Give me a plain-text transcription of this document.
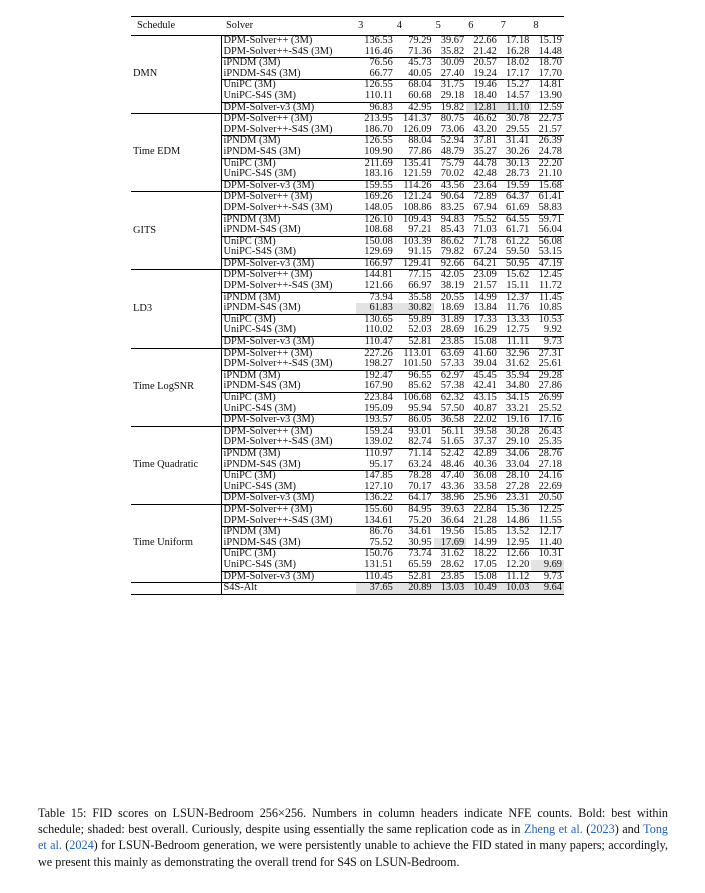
Schedule	Solver	3	4	5	6	7	8
DMN	DPM-Solver++ (3M)	136.53	79.29	39.67	22.66	17.18	15.19
	DPM-Solver++-S4S (3M)	116.46	71.36	35.82	21.42	16.28	14.48
	iPNDM (3M)	76.56	45.73	30.09	20.57	18.02	18.70
	iPNDM-S4S (3M)	66.77	40.05	27.40	19.24	17.17	17.70
	UniPC (3M)	126.55	68.04	31.75	19.46	15.27	14.81
	UniPC-S4S (3M)	110.11	60.68	29.18	18.40	14.57	13.90
	DPM-Solver-v3 (3M)	96.83	42.95	19.82	12.81	11.10	12.59
Time EDM	DPM-Solver++ (3M)	213.95	141.37	80.75	46.62	30.78	22.73
	DPM-Solver++-S4S (3M)	186.70	126.09	73.06	43.20	29.55	21.57
	iPNDM (3M)	126.55	88.04	52.94	37.81	31.41	26.39
	iPNDM-S4S (3M)	109.90	77.86	48.79	35.27	30.26	24.78
	UniPC (3M)	211.69	135.41	75.79	44.78	30.13	22.20
	UniPC-S4S (3M)	183.16	121.59	70.02	42.48	28.73	21.10
	DPM-Solver-v3 (3M)	159.55	114.26	43.56	23.64	19.59	15.68
GITS	DPM-Solver++ (3M)	169.26	121.24	90.64	72.89	64.37	61.41
	DPM-Solver++-S4S (3M)	148.05	108.86	83.25	67.94	61.69	58.83
	iPNDM (3M)	126.10	109.43	94.83	75.52	64.55	59.71
	iPNDM-S4S (3M)	108.68	97.21	85.43	71.03	61.71	56.04
	UniPC (3M)	150.08	103.39	86.62	71.78	61.22	56.08
	UniPC-S4S (3M)	129.69	91.15	79.82	67.24	59.50	53.15
	DPM-Solver-v3 (3M)	166.97	129.41	92.66	64.21	50.95	47.19
LD3	DPM-Solver++ (3M)	144.81	77.15	42.05	23.09	15.62	12.45
	DPM-Solver++-S4S (3M)	121.66	66.97	38.19	21.57	15.11	11.72
	iPNDM (3M)	73.94	35.58	20.55	14.99	12.37	11.45
	iPNDM-S4S (3M)	61.83	30.82	18.69	13.84	11.76	10.85
	UniPC (3M)	130.65	59.89	31.89	17.33	13.33	10.53
	UniPC-S4S (3M)	110.02	52.03	28.69	16.29	12.75	9.92
	DPM-Solver-v3 (3M)	110.47	52.81	23.85	15.08	11.11	9.73
Time LogSNR	DPM-Solver++ (3M)	227.26	113.01	63.69	41.60	32.96	27.31
	DPM-Solver++-S4S (3M)	198.27	101.50	57.33	39.04	31.62	25.61
	iPNDM (3M)	192.47	96.55	62.97	45.45	35.94	29.28
	iPNDM-S4S (3M)	167.90	85.62	57.38	42.41	34.80	27.86
	UniPC (3M)	223.84	106.68	62.32	43.15	34.15	26.99
	UniPC-S4S (3M)	195.09	95.94	57.50	40.87	33.21	25.52
	DPM-Solver-v3 (3M)	193.57	86.05	36.58	22.02	19.16	17.16
Time Quadratic	DPM-Solver++ (3M)	159.24	93.01	56.11	39.58	30.28	26.43
	DPM-Solver++-S4S (3M)	139.02	82.74	51.65	37.37	29.10	25.35
	iPNDM (3M)	110.97	71.14	52.42	42.89	34.06	28.76
	iPNDM-S4S (3M)	95.17	63.24	48.46	40.36	33.04	27.18
	UniPC (3M)	147.85	78.28	47.40	36.08	28.10	24.16
	UniPC-S4S (3M)	127.10	70.17	43.36	33.58	27.28	22.69
	DPM-Solver-v3 (3M)	136.22	64.17	38.96	25.96	23.31	20.50
Time Uniform	DPM-Solver++ (3M)	155.60	84.95	39.63	22.84	15.36	12.25
	DPM-Solver++-S4S (3M)	134.61	75.20	36.64	21.28	14.86	11.55
	iPNDM (3M)	86.76	34.61	19.56	15.85	13.52	12.17
	iPNDM-S4S (3M)	75.52	30.95	17.69	14.99	12.95	11.40
	UniPC (3M)	150.76	73.74	31.62	18.22	12.66	10.31
	UniPC-S4S (3M)	131.51	65.59	28.62	17.05	12.20	9.69
	DPM-Solver-v3 (3M)	110.45	52.81	23.85	15.08	11.12	9.73
	S4S-Alt	37.65	20.89	13.03	10.49	10.03	9.64
Table 15: FID scores on LSUN-Bedroom 256×256. Numbers in column headers indicate NFE counts. Bold: best within schedule; shaded: best overall. Curiously, despite using essentially the same replication code as in Zheng et al. (2023) and Tong et al. (2024) for LSUN-Bedroom generation, we were persistently unable to achieve the FID stated in many papers; accordingly, we present this mainly as demonstrating the overall trend for S4S on LSUN-Bedroom.
